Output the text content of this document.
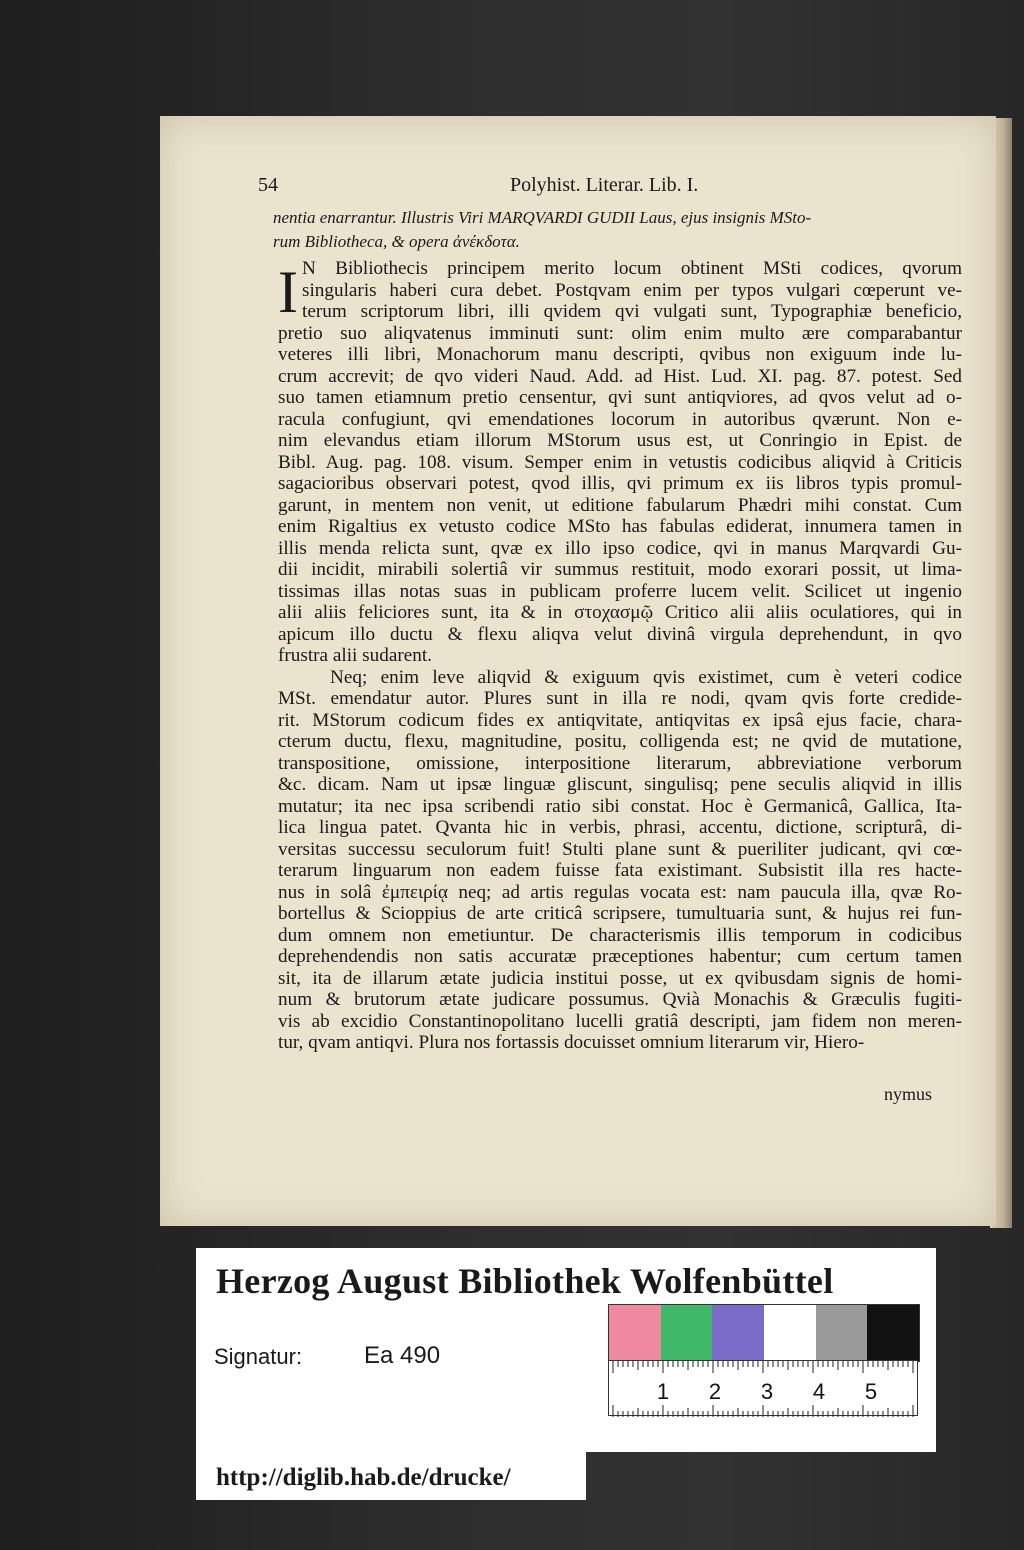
54	Polyhist. Literar. Lib. I.
nentia enarrantur. Illustris Viri MARQVARDI GUDII Laus, ejus insignis MSto-
rum Bibliotheca, & opera ἀνέκδοτα.
I N Bibliothecis principem merito locum obtinent MSti codices, qvorum
singularis haberi cura debet. Postqvam enim per typos vulgari cœperunt ve-
terum scriptorum libri, illi qvidem qvi vulgati sunt, Typographiæ beneficio,
pretio suo aliqvatenus imminuti sunt: olim enim multo ære comparabantur
veteres illi libri, Monachorum manu descripti, qvibus non exiguum inde lu-
crum accrevit; de qvo videri Naud. Add. ad Hist. Lud. XI. pag. 87. potest. Sed
suo tamen etiamnum pretio censentur, qvi sunt antiqviores, ad qvos velut ad o-
racula confugiunt, qvi emendationes locorum in autoribus qværunt. Non e-
nim elevandus etiam illorum MStorum usus est, ut Conringio in Epist. de
Bibl. Aug. pag. 108. visum. Semper enim in vetustis codicibus aliqvid à Criticis
sagacioribus observari potest, qvod illis, qvi primum ex iis libros typis promul-
garunt, in mentem non venit, ut editione fabularum Phædri mihi constat. Cum
enim Rigaltius ex vetusto codice MSto has fabulas ediderat, innumera tamen in
illis menda relicta sunt, qvæ ex illo ipso codice, qvi in manus Marqvardi Gu-
dii incidit, mirabili solertiâ vir summus restituit, modo exorari possit, ut lima-
tissimas illas notas suas in publicam proferre lucem velit. Scilicet ut ingenio
alii aliis feliciores sunt, ita & in στοχασμῷ Critico alii aliis oculatiores, qui in
apicum illo ductu & flexu aliqva velut divinâ virgula deprehendunt, in qvo
frustra alii sudarent.
Neq; enim leve aliqvid & exiguum qvis existimet, cum è veteri codice
MSt. emendatur autor. Plures sunt in illa re nodi, qvam qvis forte credide-
rit. MStorum codicum fides ex antiqvitate, antiqvitas ex ipsâ ejus facie, chara-
cterum ductu, flexu, magnitudine, positu, colligenda est; ne qvid de mutatione,
transpositione, omissione, interpositione literarum, abbreviatione verborum
&c. dicam. Nam ut ipsæ linguæ gliscunt, singulisq; pene seculis aliqvid in illis
mutatur; ita nec ipsa scribendi ratio sibi constat. Hoc è Germanicâ, Gallica, Ita-
lica lingua patet. Qvanta hic in verbis, phrasi, accentu, dictione, scripturâ, di-
versitas successu seculorum fuit! Stulti plane sunt & pueriliter judicant, qvi cœ-
terarum linguarum non eadem fuisse fata existimant. Subsistit illa res hacte-
nus in solâ ἐμπειρίᾳ neq; ad artis regulas vocata est: nam paucula illa, qvæ Ro-
bortellus & Scioppius de arte criticâ scripsere, tumultuaria sunt, & hujus rei fun-
dum omnem non emetiuntur. De characterismis illis temporum in codicibus
deprehendendis non satis accuratæ præceptiones habentur; cum certum tamen
sit, ita de illarum ætate judicia institui posse, ut ex qvibusdam signis de homi-
num & brutorum ætate judicare possumus. Qvià Monachis & Græculis fugiti-
vis ab excidio Constantinopolitano lucelli gratiâ descripti, jam fidem non meren-
tur, qvam antiqvi. Plura nos fortassis docuisset omnium literarum vir, Hiero-
nymus
Herzog August Bibliothek Wolfenbüttel
Signatur:	Ea 490
1 2 3 4 5
http://diglib.hab.de/drucke/
